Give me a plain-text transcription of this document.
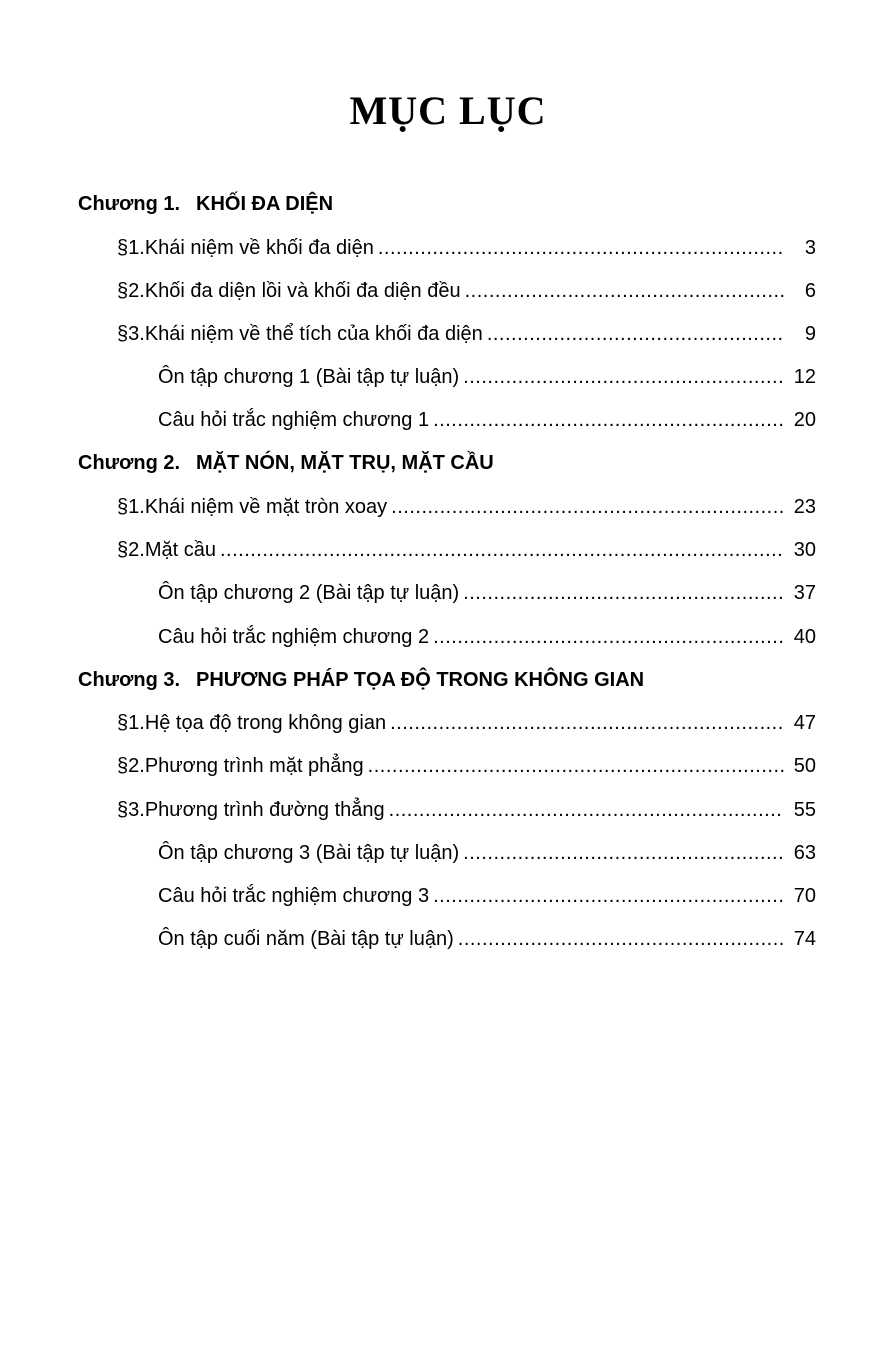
MỤC LỤC
Chương 1. KHỐI ĐA DIỆN
§1. Khái niệm về khối đa diện .....	3
§2. Khối đa diện lồi và khối đa diện đều .....	6
§3. Khái niệm về thể tích của khối đa diện .....	9
Ôn tập chương 1 (Bài tập tự luận) .....	12
Câu hỏi trắc nghiệm chương 1 .....	20
Chương 2. MẶT NÓN, MẶT TRỤ, MẶT CẦU
§1. Khái niệm về mặt tròn xoay .....	23
§2. Mặt cầu .....	30
Ôn tập chương 2 (Bài tập tự luận) .....	37
Câu hỏi trắc nghiệm chương 2 .....	40
Chương 3. PHƯƠNG PHÁP TỌA ĐỘ TRONG KHÔNG GIAN
§1. Hệ tọa độ trong không gian .....	47
§2. Phương trình mặt phẳng .....	50
§3. Phương trình đường thẳng .....	55
Ôn tập chương 3 (Bài tập tự luận) .....	63
Câu hỏi trắc nghiệm chương 3 .....	70
Ôn tập cuối năm (Bài tập tự luận) .....	74
